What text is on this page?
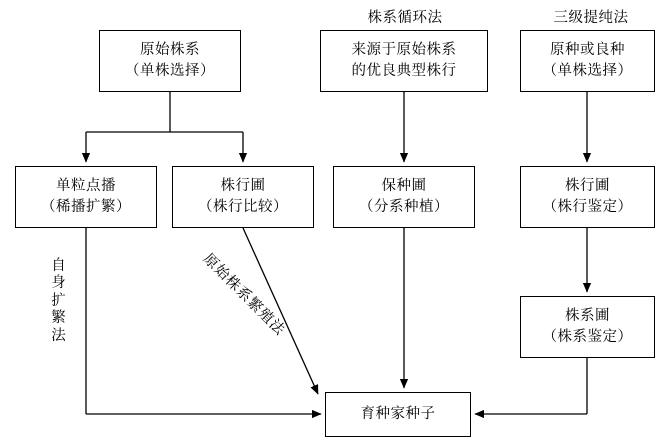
株系循环法	三级提纯法
原始株系
（单株选择）
来源于原始株系
的优良典型株行
原种或良种
（单株选择）
单粒点播
（稀播扩繁）
株行圃
（株行比较）
保种圃
（分系种植）
株行圃
（株行鉴定）
株系圃
（株系鉴定）
育种家种子
自身扩繁法	原始株系繁殖法
